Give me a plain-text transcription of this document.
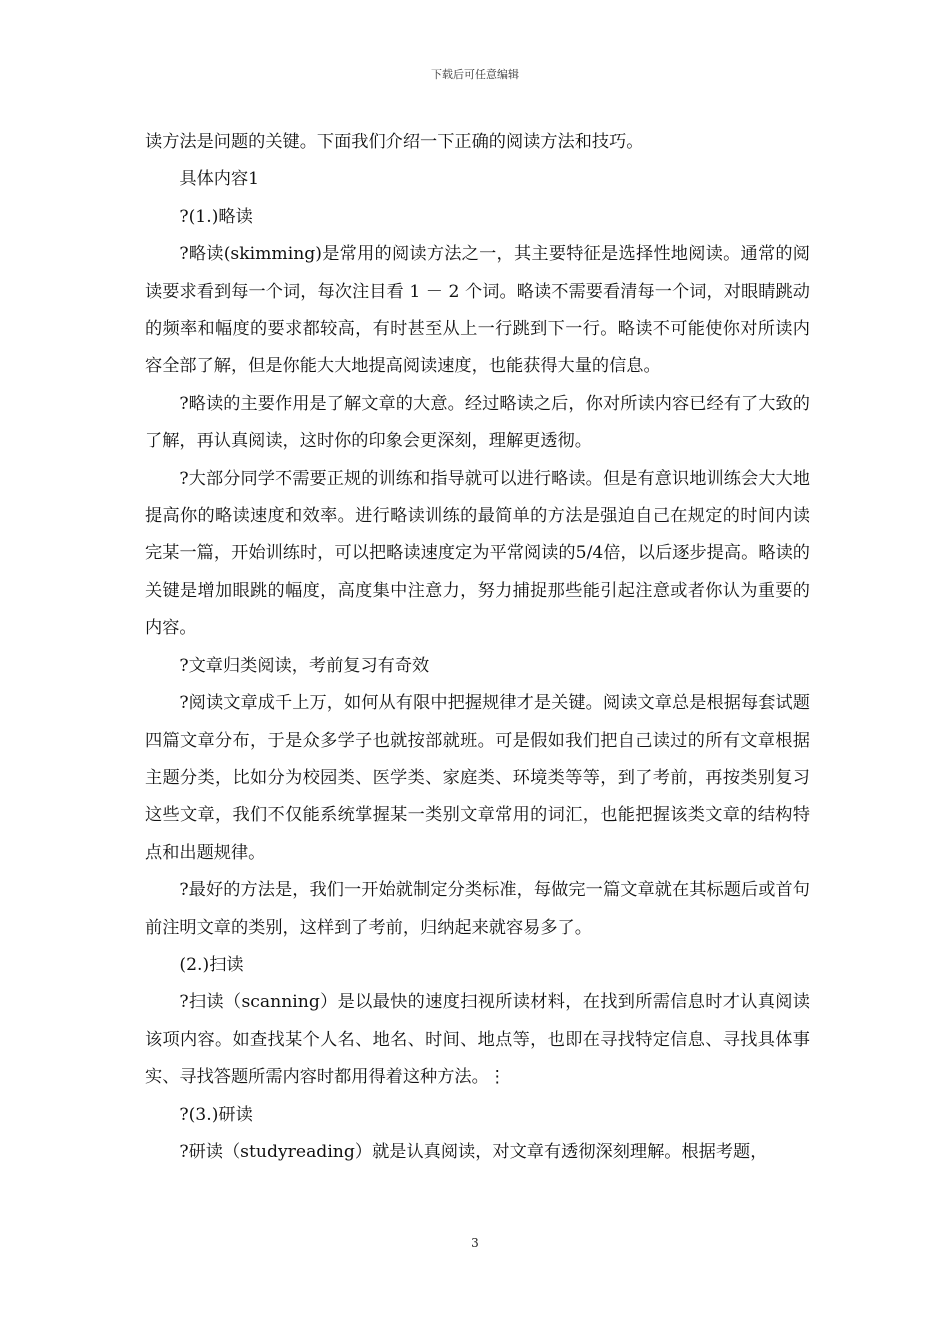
下载后可任意编辑

读方法是问题的关键。下面我们介绍一下正确的阅读方法和技巧。

具体内容1

?(1.)略读

?略读(skimming)是常用的阅读方法之一，其主要特征是选择性地阅读。通常的阅读要求看到每一个词，每次注目看 1 － 2 个词。略读不需要看清每一个词，对眼睛跳动的频率和幅度的要求都较高，有时甚至从上一行跳到下一行。略读不可能使你对所读内容全部了解，但是你能大大地提高阅读速度，也能获得大量的信息。

?略读的主要作用是了解文章的大意。经过略读之后，你对所读内容已经有了大致的了解，再认真阅读，这时你的印象会更深刻，理解更透彻。

?大部分同学不需要正规的训练和指导就可以进行略读。但是有意识地训练会大大地提高你的略读速度和效率。进行略读训练的最简单的方法是强迫自己在规定的时间内读完某一篇，开始训练时，可以把略读速度定为平常阅读的5/4倍，以后逐步提高。略读的关键是增加眼跳的幅度，高度集中注意力，努力捕捉那些能引起注意或者你认为重要的内容。

?文章归类阅读，考前复习有奇效

?阅读文章成千上万，如何从有限中把握规律才是关键。阅读文章总是根据每套试题四篇文章分布，于是众多学子也就按部就班。可是假如我们把自己读过的所有文章根据主题分类，比如分为校园类、医学类、家庭类、环境类等等，到了考前，再按类别复习这些文章，我们不仅能系统掌握某一类别文章常用的词汇，也能把握该类文章的结构特点和出题规律。

?最好的方法是，我们一开始就制定分类标准，每做完一篇文章就在其标题后或首句前注明文章的类别，这样到了考前，归纳起来就容易多了。

(2.)扫读

?扫读（scanning）是以最快的速度扫视所读材料，在找到所需信息时才认真阅读该项内容。如查找某个人名、地名、时间、地点等，也即在寻找特定信息、寻找具体事实、寻找答题所需内容时都用得着这种方法。⋮

?(3.)研读

?研读（studyreading）就是认真阅读，对文章有透彻深刻理解。根据考题，

3
